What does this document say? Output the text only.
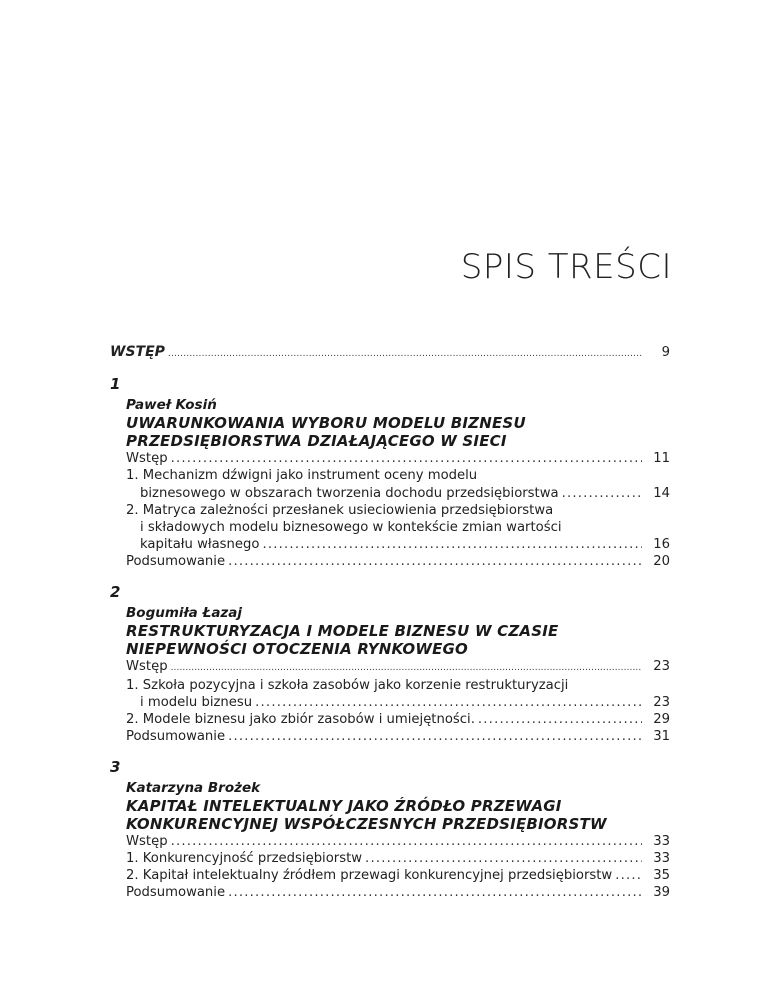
SPIS TREŚCI
WSTĘP .....	9
1
Paweł Kosiń
UWARUNKOWANIA WYBORU MODELU BIZNESU
PRZEDSIĘBIORSTWA DZIAŁAJĄCEGO W SIECI
Wstęp .....	11
1. Mechanizm dźwigni jako instrument oceny modelu
biznesowego w obszarach tworzenia dochodu przedsiębiorstwa .....	14
2. Matryca zależności przesłanek usieciowienia przedsiębiorstwa
i składowych modelu biznesowego w kontekście zmian wartości
kapitału własnego .....	16
Podsumowanie .....	20
2
Bogumiła Łazaj
RESTRUKTURYZACJA I MODELE BIZNESU W CZASIE
NIEPEWNOŚCI OTOCZENIA RYNKOWEGO
Wstęp .....	23
1. Szkoła pozycyjna i szkoła zasobów jako korzenie restrukturyzacji
i modelu biznesu .....	23
2. Modele biznesu jako zbiór zasobów i umiejętności. .....	29
Podsumowanie .....	31
3
Katarzyna Brożek
KAPITAŁ INTELEKTUALNY JAKO ŹRÓDŁO PRZEWAGI
KONKURENCYJNEJ WSPÓŁCZESNYCH PRZEDSIĘBIORSTW
Wstęp .....	33
1. Konkurencyjność przedsiębiorstw .....	33
2. Kapitał intelektualny źródłem przewagi konkurencyjnej przedsiębiorstw .....	35
Podsumowanie .....	39
